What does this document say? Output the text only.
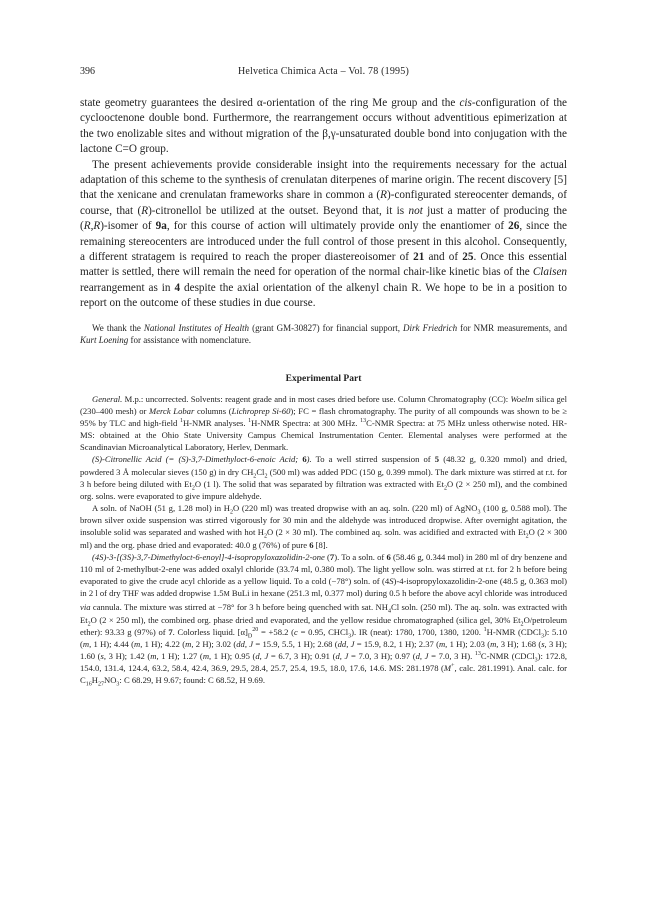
396	Helvetica Chimica Acta – Vol. 78 (1995)

state geometry guarantees the desired α-orientation of the ring Me group and the cis-configuration of the cyclooctenone double bond. Furthermore, the rearrangement occurs without adventitious epimerization at the two enolizable sites and without migration of the β,γ-unsaturated double bond into conjugation with the lactone C=O group.

The present achievements provide considerable insight into the requirements necessary for the actual adaptation of this scheme to the synthesis of crenulatan diterpenes of marine origin. The recent discovery [5] that the xenicane and crenulatan frameworks share in common a (R)-configurated stereocenter demands, of course, that (R)-citronellol be utilized at the outset. Beyond that, it is not just a matter of producing the (R,R)-isomer of 9a, for this course of action will ultimately provide only the enantiomer of 26, since the remaining stereocenters are introduced under the full control of those present in this alcohol. Consequently, a different stratagem is required to reach the proper diastereoisomer of 21 and of 25. Once this essential matter is settled, there will remain the need for operation of the normal chair-like kinetic bias of the Claisen rearrangement as in 4 despite the axial orientation of the alkenyl chain R. We hope to be in a position to report on the outcome of these studies in due course.

We thank the National Institutes of Health (grant GM-30827) for financial support, Dirk Friedrich for NMR measurements, and Kurt Loening for assistance with nomenclature.

Experimental Part

General. M.p.: uncorrected. Solvents: reagent grade and in most cases dried before use. Column Chromatography (CC): Woelm silica gel (230–400 mesh) or Merck Lobar columns (Lichroprep Si-60); FC = flash chromatography. The purity of all compounds was shown to be ≥ 95% by TLC and high-field $^1$H-NMR analyses. $^1$H-NMR Spectra: at 300 MHz. $^{13}$C-NMR Spectra: at 75 MHz unless otherwise noted. HR-MS: obtained at the Ohio State University Campus Chemical Instrumentation Center. Elemental analyses were performed at the Scandinavian Microanalytical Laboratory, Herlev, Denmark.

(S)-Citronellic Acid (= (S)-3,7-Dimethyloct-6-enoic Acid; 6). To a well stirred suspension of 5 (48.32 g, 0.320 mmol) and dried, powdered 3 Å molecular sieves (150 g) in dry $CH_2Cl_2$ (500 ml) was added PDC (150 g, 0.399 mmol). The dark mixture was stirred at r.t. for 3 h before being diluted with $Et_2O$ (1 l). The solid that was separated by filtration was extracted with $Et_2O$ (2 × 250 ml), and the combined org. solns. were evaporated to give impure aldehyde.

A soln. of NaOH (51 g, 1.28 mol) in $H_2O$ (220 ml) was treated dropwise with an aq. soln. (220 ml) of AgNO$_3$ (100 g, 0.588 mol). The brown silver oxide suspension was stirred vigorously for 30 min and the aldehyde was introduced dropwise. After overnight agitation, the insoluble solid was separated and washed with hot $H_2O$ (2 × 30 ml). The combined aq. soln. was acidified and extracted with $Et_2O$ (2 × 300 ml) and the org. phase dried and evaporated: 40.0 g (76%) of pure 6 [8].

(4S)-3-[(3S)-3,7-Dimethyloct-6-enoyl]-4-isopropyloxazolidin-2-one (7). To a soln. of 6 (58.46 g, 0.344 mol) in 280 ml of dry benzene and 110 ml of 2-methylbut-2-ene was added oxalyl chloride (33.74 ml, 0.380 mol). The light yellow soln. was stirred at r.t. for 2 h before being evaporated to give the crude acyl chloride as a yellow liquid. To a cold (−78°) soln. of (4S)-4-isopropyloxazolidin-2-one (48.5 g, 0.363 mol) in 2 l of dry THF was added dropwise 1.5M BuLi in hexane (251.3 ml, 0.377 mol) during 0.5 h before the above acyl chloride was introduced via cannula. The mixture was stirred at −78° for 3 h before being quenched with sat. $NH_4Cl$ soln. (250 ml). The aq. soln. was extracted with $Et_2O$ (2 × 250 ml), the combined org. phase dried and evaporated, and the yellow residue chromatographed (silica gel, 30% $Et_2O$/petroleum ether): 93.33 g (97%) of 7. Colorless liquid. $[\alpha]_D^{20} = +58.2$ (c = 0.95, CHCl$_3$). IR (neat): 1780, 1700, 1380, 1200. $^1$H-NMR (CDCl$_3$): 5.10 (m, 1 H); 4.44 (m, 1 H); 4.22 (m, 2 H); 3.02 (dd, J = 15.9, 5.5, 1 H); 2.68 (dd, J = 15.9, 8.2, 1 H); 2.37 (m, 1 H); 2.03 (m, 3 H); 1.68 (s, 3 H); 1.60 (s, 3 H); 1.42 (m, 1 H); 1.27 (m, 1 H); 0.95 (d, J = 6.7, 3 H); 0.91 (d, J = 7.0, 3 H); 0.97 (d, J = 7.0, 3 H). $^{13}$C-NMR (CDCl$_3$): 172.8, 154.0, 131.4, 124.4, 63.2, 58.4, 42.4, 36.9, 29.5, 28.4, 25.7, 25.4, 19.5, 18.0, 17.6, 14.6. MS: 281.1978 (M+, calc. 281.1991). Anal. calc. for $C_{16}H_{27}NO_3$: C 68.29, H 9.67; found: C 68.52, H 9.69.
